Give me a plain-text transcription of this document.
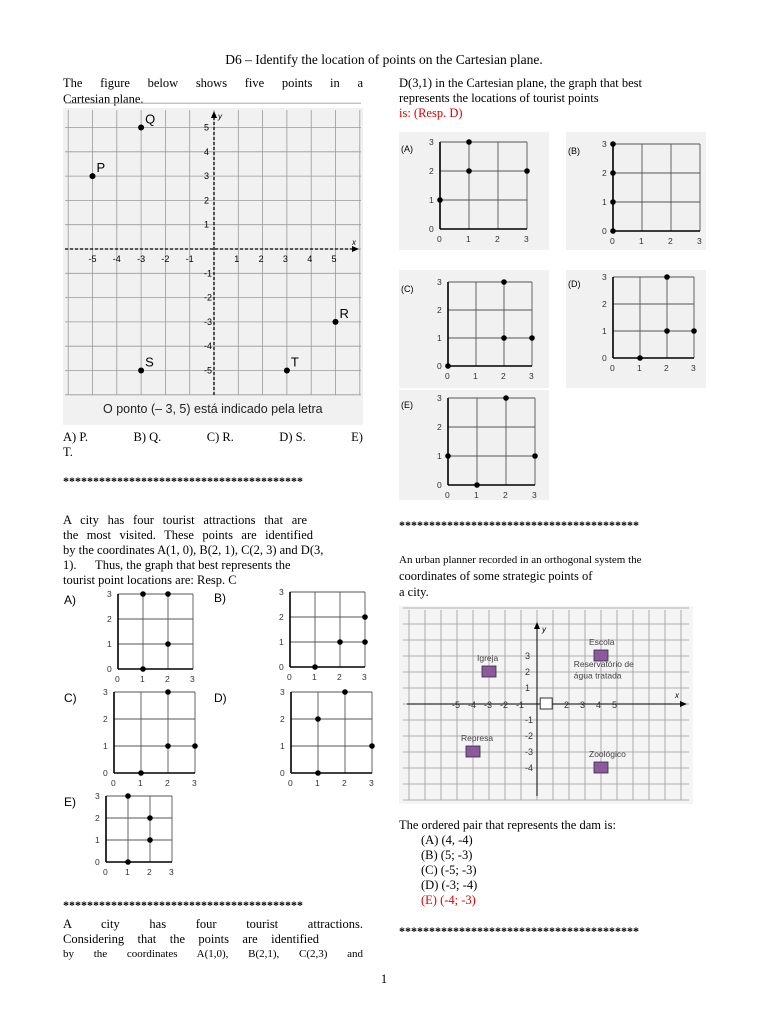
D6 – Identify the location of points on the Cartesian plane.
The figure below shows five points in a
Cartesian plane.
x
y
-5
-5
-4
-4
-3
-3
-2
-2
-1
-1
1
1
2
2
3
3
4
4
5
5
P
Q
R
S	T
O ponto (– 3, 5) está indicado pela letra
A) P.	B) Q.	C) R.	D) S.	E)
T.
****************************************
A city has four tourist attractions that are
the most visited. These points are identified
by the coordinates A(1, 0), B(2, 1), C(2, 3) and D(3,
1).      Thus, the graph that best represents the
tourist point locations are: Resp. C
A)
0
0
1
1
2
2
3
3	B)
0
0
1
1
2
2
3
3
C)
0
0
1
1
2
2
3
3	D)
0
0
1
1
2
2
3
3
E)
0
0
1
1
2
2
3
3
****************************************
A city has four tourist attractions.
Considering that the points are identified
by the coordinates A(1,0), B(2,1), C(2,3) and
D(3,1) in the Cartesian plane, the graph that best
represents the locations of tourist points
is: (Resp. D)
(A)
0
0
1
1
2
2
3
3
(B)
0
0
1
1
2
2
3
3
(C)
0
0
1
1
2
2
3
3	(D)
0
0
1
1
2
2
3
3
(E)
0
0
1
1
2
2
3
3
****************************************
An urban planner recorded in an orthogonal system the
coordinates of some strategic points of
a city.
x
y
-5 -4 -3 -2 -1	2 3 4 5
-4
-3
-2
-1
1
2
3
Igreja
Escola
Reservatório de
água tratada
Represa
Zoológico
The ordered pair that represents the dam is:
(A) (4, -4)
(B) (5; -3)
(C) (-5; -3)
(D) (-3; -4)
(E) (-4; -3)
****************************************
1
